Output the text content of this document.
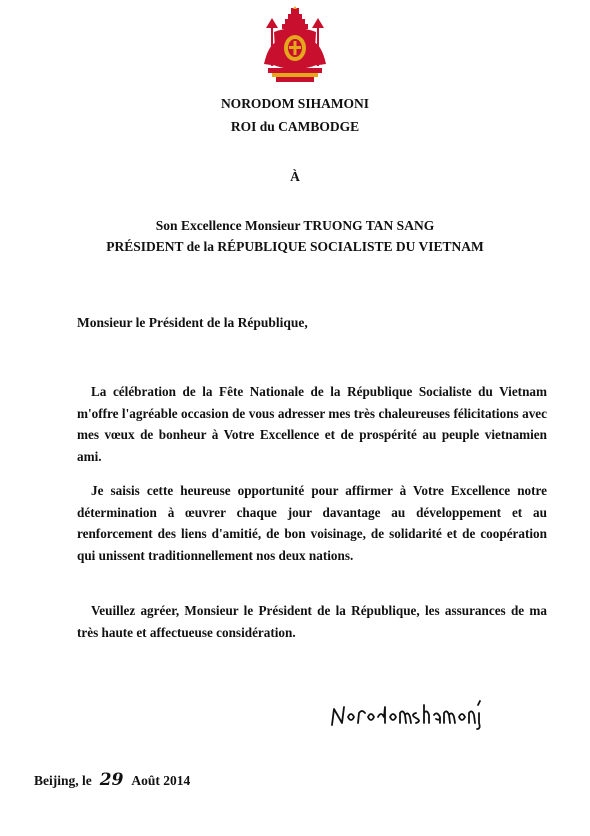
NORODOM SIHAMONI
ROI du CAMBODGE
À
Son Excellence Monsieur TRUONG TAN SANG
PRÉSIDENT de la RÉPUBLIQUE SOCIALISTE DU VIETNAM
Monsieur le Président de la République,
La célébration de la Fête Nationale de la République Socialiste du Vietnam m'offre l'agréable occasion de vous adresser mes très chaleureuses félicitations avec mes vœux de bonheur à Votre Excellence et de prospérité au peuple vietnamien ami.
Je saisis cette heureuse opportunité pour affirmer à Votre Excellence notre détermination à œuvrer chaque jour davantage au développement et au renforcement des liens d'amitié, de bon voisinage, de solidarité et de coopération qui unissent traditionnellement nos deux nations.
Veuillez agréer, Monsieur le Président de la République, les assurances de ma très haute et affectueuse considération.
Beijing, le 29 Août 2014
